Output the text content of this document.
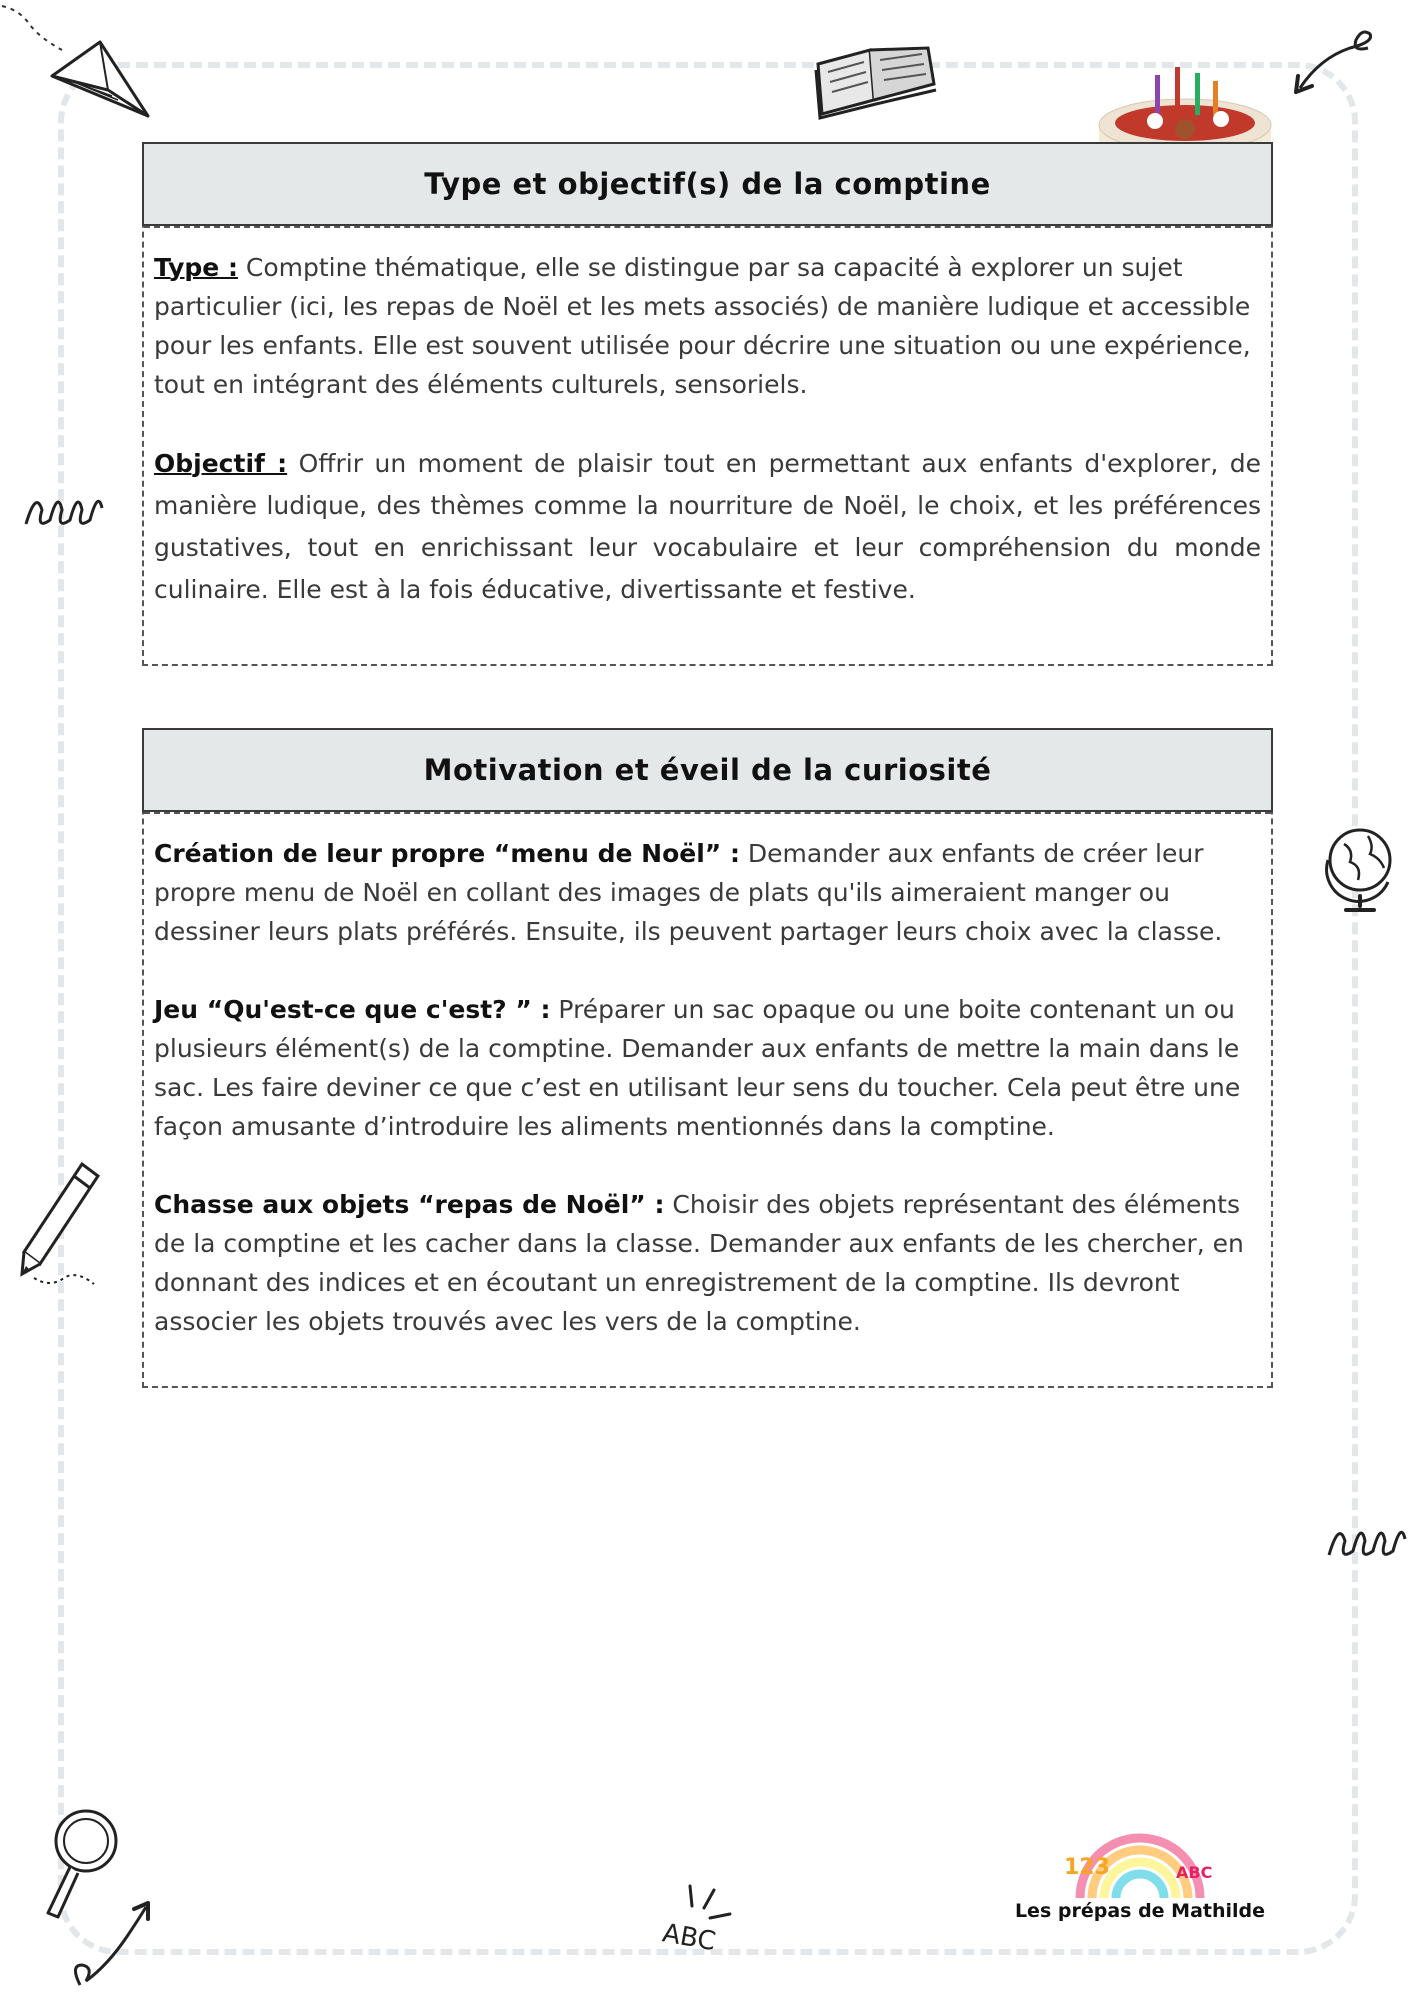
ABC
123	ABC
Type et objectif(s) de la comptine

Type : Comptine thématique, elle se distingue par sa capacité à explorer un sujet particulier (ici, les repas de Noël et les mets associés) de manière ludique et accessible pour les enfants. Elle est souvent utilisée pour décrire une situation ou une expérience, tout en intégrant des éléments culturels, sensoriels.

Objectif : Offrir un moment de plaisir tout en permettant aux enfants d'explorer, de manière ludique, des thèmes comme la nourriture de Noël, le choix, et les préférences gustatives, tout en enrichissant leur vocabulaire et leur compréhension du monde culinaire. Elle est à la fois éducative, divertissante et festive.

Motivation et éveil de la curiosité

Création de leur propre “menu de Noël” : Demander aux enfants de créer leur propre menu de Noël en collant des images de plats qu'ils aimeraient manger ou dessiner leurs plats préférés. Ensuite, ils peuvent partager leurs choix avec la classe.

Jeu “Qu'est-ce que c'est? ” : Préparer un sac opaque ou une boite contenant un ou plusieurs élément(s) de la comptine. Demander aux enfants de mettre la main dans le sac. Les faire deviner ce que c’est en utilisant leur sens du toucher. Cela peut être une façon amusante d’introduire les aliments mentionnés dans la comptine.

Chasse aux objets “repas de Noël” : Choisir des objets représentant des éléments de la comptine et les cacher dans la classe. Demander aux enfants de les chercher, en donnant des indices et en écoutant un enregistrement de la comptine. Ils devront associer les objets trouvés avec les vers de la comptine.

Les prépas de Mathilde
